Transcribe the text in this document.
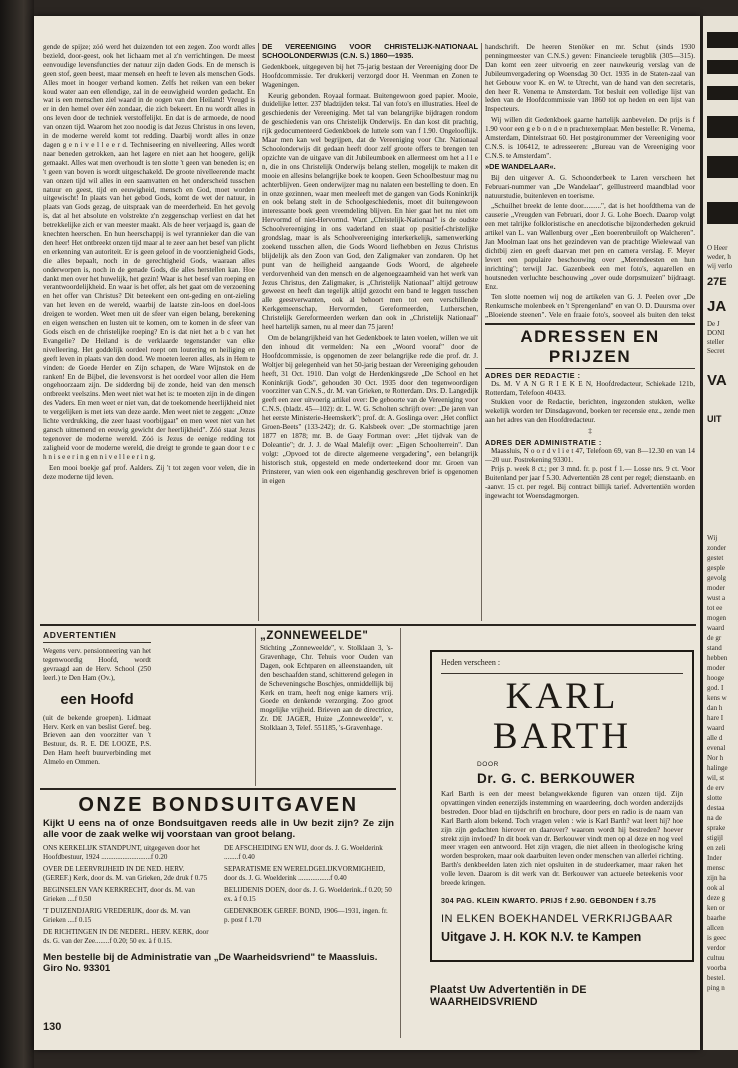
gende de spijze; zóó werd het duizenden tot een zegen. Zoo wordt alles bezield, door-geest, ook het lichaam met al z'n verrichtingen. De meest eenvoudige levensfuncties der natuur zijn daden Gods. En de mensch is geen stof, geen beest, maar menseh en heeft te leven als menschen Gods. Alles moet in hooger verband komen. Zelfs het reiken van een beker koud water aan een ellendige, zal in de eeuwigheid worden gedacht. En wat is een menschen ziel waard in de oogen van den Heiland! Vreugd is er in den hemel over één zondaar, die zich bekeert. En nu wordt alles in ons leven door de techniek verstoffelijkt. En dat is de armoede, de nood van onzen tijd. Waarom het zoo noodig is dat Jezus Christus in ons leven, in de moderne wereld komt tot redding. Daarbij wordt alles in onze dagen g e n i v e l l e e r d. Techniseering en nivelleering. Alles wordt naar beneden getrokken, aan het lagere en niet aan het hoogere, gelijk gemaakt. Alles wat men overhoudt is ten slotte 't geen van beneden is; en 't geen van boven is wordt uitgeschakeld. De groote nivelleerende macht van onzen tijd wil alles in een saamvatten en het onderscheid tusschen natuur en geest, tijd en eeuwigheid, mensch en God, moet worden uitgewischt! In plaats van het gebod Gods, komt de wet der natuur, in plaats van Gods gezag, de uitspraak van de meerderheid. En het gevolg is, dat al het absolute en volstrekte z'n zeggenschap verliest en dat het betrekkelijke zich er van meester maakt. Als de heer verjaagd is, gaan de knechten heerschen. En hun heerschappij is wel tyrannieker dan die van den heer! Het ontbreekt onzen tijd maar al te zeer aan het besef van plicht en erkenning van autoriteit. Er is geen geloof in de voorzienigheid Gods, die alles bepaalt, noch in de gerechtigheid Gods, waaraan alles onderworpen is, noch in de genade Gods, die alles herstellen kan. Hoe dankt men over het huwelijk, het gezin! Waar is het besef van roeping en verantwoordelijkheid. En waar is het offer, als het gaat om de verzoening en het offer van Christus? Dit beteekent een ont-geding en ont-zieling van het leven en de wereld, waarbij de laatste zin-loos en doel-loos dreigen te worden. Weet men uit de sfeer van eigen belang, berekening en eigen wenschen en lusten uit te komen, om te komen in de sfeer van Gods eisch en de christelijke roeping? En is dat niet het a b c van het Evangelie? De Heiland is de verklaarde tegenstander van elke nivelleering. Het goddelijk oordeel roept om loutering en heiliging en geeft leven in plaats van den dood. We moeten leeren alles, als in Hem te vinden: de Goede Herder en Zijn schapen, de Ware Wijnstok en de ranken! En de Bijbel, die levensvorst is het oordeel voor allen die Hem ongehoorzaam zijn. De sidderdng bij de zonde, heid van den mensch ontbreekt veelszins. Men weet niet wat het is: te moeten zijn in de dingen des Vaders. En men weet er niet van, dat de toekomende heerlijkheid niet te vergelijken is met iets van deze aarde. Men weet niet te zeggen: „Onze lichte verdrukking, die zeer haast voorbijgaat" en men weet niet van het gansch uitnemend en eeuwig gewicht der heerlijkheid". Zóó staat Jezus tegenover de moderne wereld. Zóó is Jezus de eenige redding tot zaligheid voor de moderne wereld, die dreigt te gronde te gaan door t e c h n i s e e r i n g en n i v e l l e e r i n g.

Een mooi boekje gaf prof. Aalders. Zij 't tot zegen voor velen, die in deze moderne tijd leven.

DE VEREENIGING VOOR CHRISTELIJK-NATIONAAL SCHOOLONDERWIJS (C.N. S.) 1860—1935.

Gedenkboek, uitgegeven bij het 75-jarig bestaan der Vereeniging door De Hoofdcommissie. Ter drukkerij verzorgd door H. Veenman en Zonen te Wageningen.

Keurig gebonden. Royaal formaat. Buitengewoon goed papier. Mooie, duidelijke letter. 237 bladzijden tekst. Tal van foto's en illustraties. Heel de geschiedenis der Vereeniging. Met tal van belangrijke bijdragen rondom de geschiedenis van ons Christelijk Onderwijs. En dan kost dit prachtig, rijk gedocumenteerd Gedenkboek de luttele som van f 1.90. Ongelooflijk. Maar men kan wel begrijpen, dat de Vereeniging voor Chr. Nationaal Schoolonderwijs dit gedaan heeft door zelf groote offers te brengen ten opzichte van de uitgave van dit Jubileumboek en allermeest om het a l l e n, die in ons Christelijk Onderwijs belang stellen, mogelijk te maken dit mooie en allesins belangrijke boek te koopen. Geen Schoolbestuur mag nu achterblijven. Geen onderwijzer mag nu nalaten een bestelling te doen. En in onze gezinnen, waar men meeleeft met de gangen van Gods Koninkrijk en ook belang stelt in de Schoolgeschiedenis, moet dit buitengewoon interessante boek geen vreemdeling blijven. En hier gaat het nu niet om Hervormd of niet-Hervormd. Want „Christelijk-Nationaal" is de oudste Schoolvereeniging in ons vaderland en staat op positief-christelijke grondslag, maar is als Schoolvereeniging interkerkelijk, samenwerking zoekend tusschen allen, die Gods Woord liefhebben en Jezus Christus blijdelijk als den Zoon van God, den Zaligmaker van zondaren. Op het punt van de heiligheid aangaande Gods Woord, de algeheele verdorvenheid van den mensch en de algenoegzaamheid van het werk van Jezus Christus, den Zaligmaker, is „Christelijk Nationaal" altijd getrouw geweest en heeft dan tegelijk altijd gezocht een band te leggen tusschen alle geestverwanten, ook al behoort men tot een verschillende Kerkgemeenschap, Hervormden, Gereformeerden, Lutherschen, Christelijk Gereformeerden werken dan ook in „Christelijk Nationaal" heel hartelijk samen, nu al meer dan 75 jaren!

Om de belangrijkheid van het Gedenkboek te laten voelen, willen we uit den inhoud dit vermelden: Na een „Woord vooraf" door de Hoofdcommissie, is opgenomen de zeer belangrijke rede die prof. dr. J. Woltjer bij gelegenheid van het 50-jarig bestaan der Vereeniging gehouden heeft, 31 Oct. 1910. Dan volgt de Herdenkingsrede „De School en het Koninkrijk Gods", gehouden 30 Oct. 1935 door den tegenwoordigen voorzitter van C.N.S., dr. M. van Grieken, te Rotterdam. Drs. D. Langedijk geeft een zeer uitvoerig artikel over: De geboorte van de Vereeniging voor C.N.S. (bladz. 45—102): dr. L. W. G. Scholten schrijft over: „De jaren van het eerste Ministerie-Heemskerk"; prof. dr. A. Goslinga over: „Het conflict Groen-Beets" (133-242); dr. G. Kalsbeek over: „De stormachtige jaren 1877 en 1878; mr. B. de Gaay Fortman over: „Het tijdvak van de Doleantie"; dr. J. J. de Waal Malefijt over: „Eigen Schoolterrein". Dan volgt: „Opvoed tot de directe algemeene vergadering", een belangrijk historisch stuk, opgesteld en mede onderteekend door mr. Groen van Prinsterer, van wien ook een eigenhandig geschreven brief is opgenomen in eigen

handschrift. De heeren Stenöker en mr. Schut (sinds 1930 penningmeester van C.N.S.) geven: Financieele terugblik (305—315). Dan komt een zeer uitvoerig en zeer nauwkeurig verslag van de Jubileumvergadering op Woensdag 30 Oct. 1935 in de Staten-zaal van het Gebouw voor K. en W. te Utrecht, van de hand van den secretaris, den heer R. Venema te Amsterdam. Tot besluit een volledige lijst van leden van de Hoofdcommissie van 1860 tot op heden en een lijst van Inspecteurs.

Wij willen dit Gedenkboek gaarne hartelijk aanbevelen. De prijs is f 1.90 voor een g e b o n d e n prachtexemplaar. Men bestelle: R. Venema, Amsterdam, Dintelstraat 60. Het postgironummer der Vereeniging voor C.N.S. is 106412, te adresseeren: „Bureau van de Vereeniging voor C.N.S. te Amsterdam".

»DE WANDELAAR«.

Bij den uitgever A. G. Schoonderbeek te Laren verscheen het Februari-nummer van „De Wandelaar", geïllustreerd maandblad voor natuurstudie, buitenleven en toerisme.

„Schuilhet breekt de lente door..........", dat is het hoofdthema van de causerie „Vreugden van Februari, door J. G. Lohe Boech. Daarop volgt een met talrijke folkloristische en anecdotische bijzonderheden gekruid artikel van L. van Wallenburg over „Een boerenbruiloft op Walcheren". Jan Moolman laat ons het gezindeven van de prachtige Wielewaal van dichtbij zien en geeft daarvan met pen en camera verslag. F. Meyer levert een populaire beschouwing over „Merendeesten en hun inrichting"; terwijl Jac. Gazenbeek een met foto's, aquarellen en houtsneden verluchte beschouwing „over oude dorpsmuizen" bijdraagt. Enz.

Ten slotte noemen wij nog de artikelen van G. J. Peelen over „De Renkumsche molenbeek en 't Sprengenland" en van O. D. Duursma over „Bloeiende steenen". Vele en fraaie foto's, sooveel als buiten den tekst

ADRESSEN EN PRIJZEN
ADRES DER REDACTIE :

Ds. M. V A N G R I E K E N, Hoofdredacteur, Schiekade 121b, Rotterdam, Telefoon 40433.

Stukken voor de Redactie, berichten, ingezonden stukken, welke wekelijk worden ter Dinsdagavond, boeken ter recensie enz., zende men aan het adres van den Hoofdredacteur.

‡
ADRES DER ADMINISTRATIE :

Maassluis, N o o r d v l i e t 47, Telefoon 69, van 8—12.30 en van 14—20 uur. Postrekening 93301.

Prijs p. week 8 ct.; per 3 mnd. fr. p. post f 1.— Losse nrs. 9 ct. Voor Buitenland per jaar f 5.30. Advertentiën 28 cent per regel; dienstaanb. en -aanvr. 15 ct. per regel. Bij contract billijk tarief. Advertentiën worden ingewacht tot Woensdagmorgen.

ADVERTENTIËN
Wegens verv. pensionneering van het tegenwoordig Hoofd, wordt gevraagd aan de Herv. School (250 leerl.) te Den Ham (Ov.),
een Hoofd
(uit de bekende groepen). Lidmaat Herv. Kerk en van beslist Geref. beg. Brieven aan den voorzitter van 't Bestuur, ds. R. E. DE LOOZE, P.S. Den Ham heeft buurverbinding met Almelo en Ommen.
„ZONNEWEELDE"
Stichting „Zonneweelde", v. Stolklaan 3, 's-Gravenhage, Chr. Tehuis voor Ouden van Dagen, ook Echtparen en alleenstaanden, uit den beschaafden stand, schitterend gelegen in de Scheveningsche Boschjes, onmiddellijk bij Kerk en tram, heeft nog enige kamers vrij. Goede en denkende verzorging. Zoo groot mogelijke vrijheid. Brieven aan de directrice, Zr. DE JAGER, Huize „Zonneweelde", v. Stolklaan 3, Telef. 551185, 's-Gravenhage.
ONZE BONDSUITGAVEN
Kijkt U eens na of onze Bondsuitgaven reeds alle in Uw bezit zijn? Ze zijn alle voor de zaak welke wij voorstaan van groot belang.
ONS KERKELIJK STANDPUNT, uitgegeven door het Hoofdbestuur, 1924 ............................f 0.20
OVER DE LEERVRIJHEID IN DE NED. HERV. (GEREF.) Kerk, door ds. M. van Grieken, 2de druk f 0.75
BEGINSELEN VAN KERKRECHT, door ds. M. van Grieken ....f 0.50
'T DUIZENDJARIG VREDERIJK, door ds. M. van Grieken ....f 0.15
DE RICHTINGEN IN DE NEDERL. HERV. KERK, door ds. G. van der Zee........f 0.20; 50 ex. à f 0.15.
DE AFSCHEIDING EN WIJ, door ds. J. G. Woelderink ........f 0.40
SEPARATISME EN WERELDGELIJKVORMIGHEID, door ds. J. G. Woelderink ..................f 0.40
BELIJDENIS DOEN, door ds. J. G. Woelderink..f 0.20; 50 ex. à f 0.15
GEDENKBOEK GEREF. BOND, 1906—1931, ingen. fr. p. post f 1.70
Men bestelle bij de Administratie van „De Waarheidsvriend" te Maassluis. Giro No. 93301
130
Heden verscheen :
KARL BARTH
DOOR
Dr. G. C. BERKOUWER
Karl Barth is een der meest belangwekkende figuren van onzen tijd. Zijn opvattingen vinden eenerzijds instemming en waardeering, doch worden anderzijds bestreden. Door blad en tijdschrift en brochure, door pers en radio is de naam van Karl Barth alom bekend. Toch vragen velen : wie is Karl Barth? wat leert hij? hoe zijn zijn gedachten hierover en daarover? waarom wordt hij bestreden? hoever strekt zijn invloed? In dit boek van dr. Berkouwer vindt men op al deze en nog veel meer vragen een antwoord. Het zijn vragen, die niet alleen in theologische kring worden besproken, maar ook daarbuiten leven onder menschen van allerlei richting. Barth's denkbeelden laten zich niet opsluiten in de studeerkamer, maar raken het volle leven. Daarom is dit werk van dr. Berkouwer van actueele beteekenis voor breede kringen.
304 PAG. KLEIN KWARTO. PRIJS f 2.90. GEBONDEN f 3.75
IN ELKEN BOEKHANDEL VERKRIJGBAAR
Uitgave J. H. KOK N.V. te Kampen
Plaatst Uw Advertentiën in DE WAARHEIDSVRIEND
O Heer
weder, h
wij verlo
27E
JA
De J
DONI
steller
Secret
VA
UIT
Wij
zonder
gestet
gesple
gevolg
moder
wust a
tot ee
mogen
waard
de gr
stand
hebben
moder
hooge
god. I
kens w
dan h
hare I
waard
alle d
evenal
Nor h
halinge
wil, st
de erv
slotte
destaa
na de
sprake
stigijl
en zeli
Inder
mensc
zijn ha
ook al
deze g
ken or
baarhe
allcen
is geec
verdor
cultuu
voorba
bestel.
ping n
